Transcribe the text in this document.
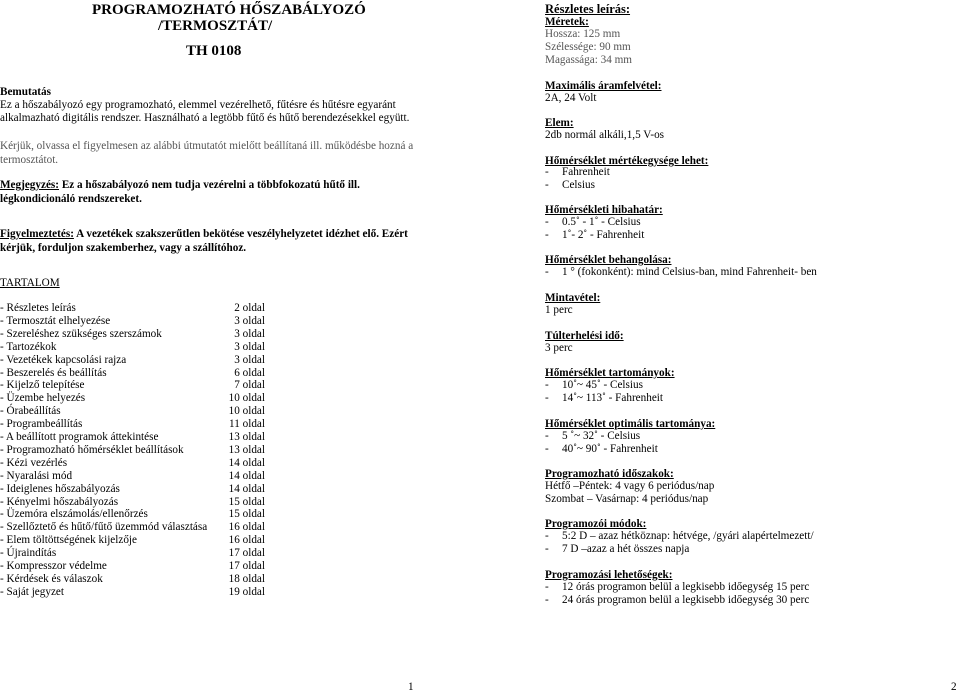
PROGRAMOZHATÓ HŐSZABÁLYOZÓ
/TERMOSZTÁT/
TH 0108
Bemutatás
Ez a hőszabályozó egy programozható, elemmel vezérelhető, fűtésre és hűtésre egyaránt
alkalmazható digitális rendszer. Használható a legtöbb fűtő és hűtő berendezésekkel együtt.
Kérjük, olvassa el figyelmesen az alábbi útmutatót mielőtt beállítaná ill. működésbe hozná a
termosztátot.
Megjegyzés: Ez a hőszabályozó nem tudja vezérelni a többfokozatú hűtő ill.
légkondicionáló rendszereket.
Figyelmeztetés: A vezetékek szakszerűtlen bekötése veszélyhelyzetet idézhet elő. Ezért
kérjük, forduljon szakemberhez, vagy a szállítóhoz.
TARTALOM
- Részletes leírás	2 oldal
- Termosztát elhelyezése	3 oldal
- Szereléshez szükséges szerszámok	3 oldal
- Tartozékok	3 oldal
- Vezetékek kapcsolási rajza	3 oldal
- Beszerelés és beállítás	6 oldal
- Kijelző telepítése	7 oldal
- Üzembe helyezés	10 oldal
- Órabeállítás	10 oldal
- Programbeállítás	11 oldal
- A beállított programok áttekintése	13 oldal
- Programozható hőmérséklet beállítások	13 oldal
- Kézi vezérlés	14 oldal
- Nyaralási mód	14 oldal
- Ideiglenes hőszabályozás	14 oldal
- Kényelmi hőszabályozás	15 oldal
- Üzemóra elszámolás/ellenőrzés	15 oldal
- Szellőztető és hűtő/fűtő üzemmód választása 16 oldal
- Elem töltöttségének kijelzője	16 oldal
- Újraindítás	17 oldal
- Kompresszor védelme	17 oldal
- Kérdések és válaszok	18 oldal
- Saját jegyzet	19 oldal
Részletes leírás:
Méretek:
Hossza: 125 mm
Szélessége: 90 mm
Magassága: 34 mm
Maximális áramfelvétel:
2A, 24 Volt
Elem:
2db normál alkáli,1,5 V-os
Hőmérséklet mértékegysége lehet:
- Fahrenheit
- Celsius
Hőmérsékleti hibahatár:
- 0.5˚ - 1˚ - Celsius
- 1˚- 2˚ - Fahrenheit
Hőmérséklet behangolása:
- 1 ° (fokonként): mind Celsius-ban, mind Fahrenheit- ben
Mintavétel:
1 perc
Túlterhelési idő:
3 perc
Hőmérséklet tartományok:
- 10˚~ 45˚ - Celsius
- 14˚~ 113˚ - Fahrenheit
Hőmérséklet optimális tartománya:
- 5 ˚~ 32˚ - Celsius
- 40˚~ 90˚ - Fahrenheit
Programozható időszakok:
Hétfő –Péntek: 4 vagy 6 periódus/nap
Szombat – Vasárnap: 4 periódus/nap
Programozói módok:
- 5:2 D – azaz hétköznap: hétvége, /gyári alapértelmezett/
- 7 D –azaz a hét összes napja
Programozási lehetőségek:
- 12 órás programon belül a legkisebb időegység 15 perc
- 24 órás programon belül a legkisebb időegység 30 perc
1	2
